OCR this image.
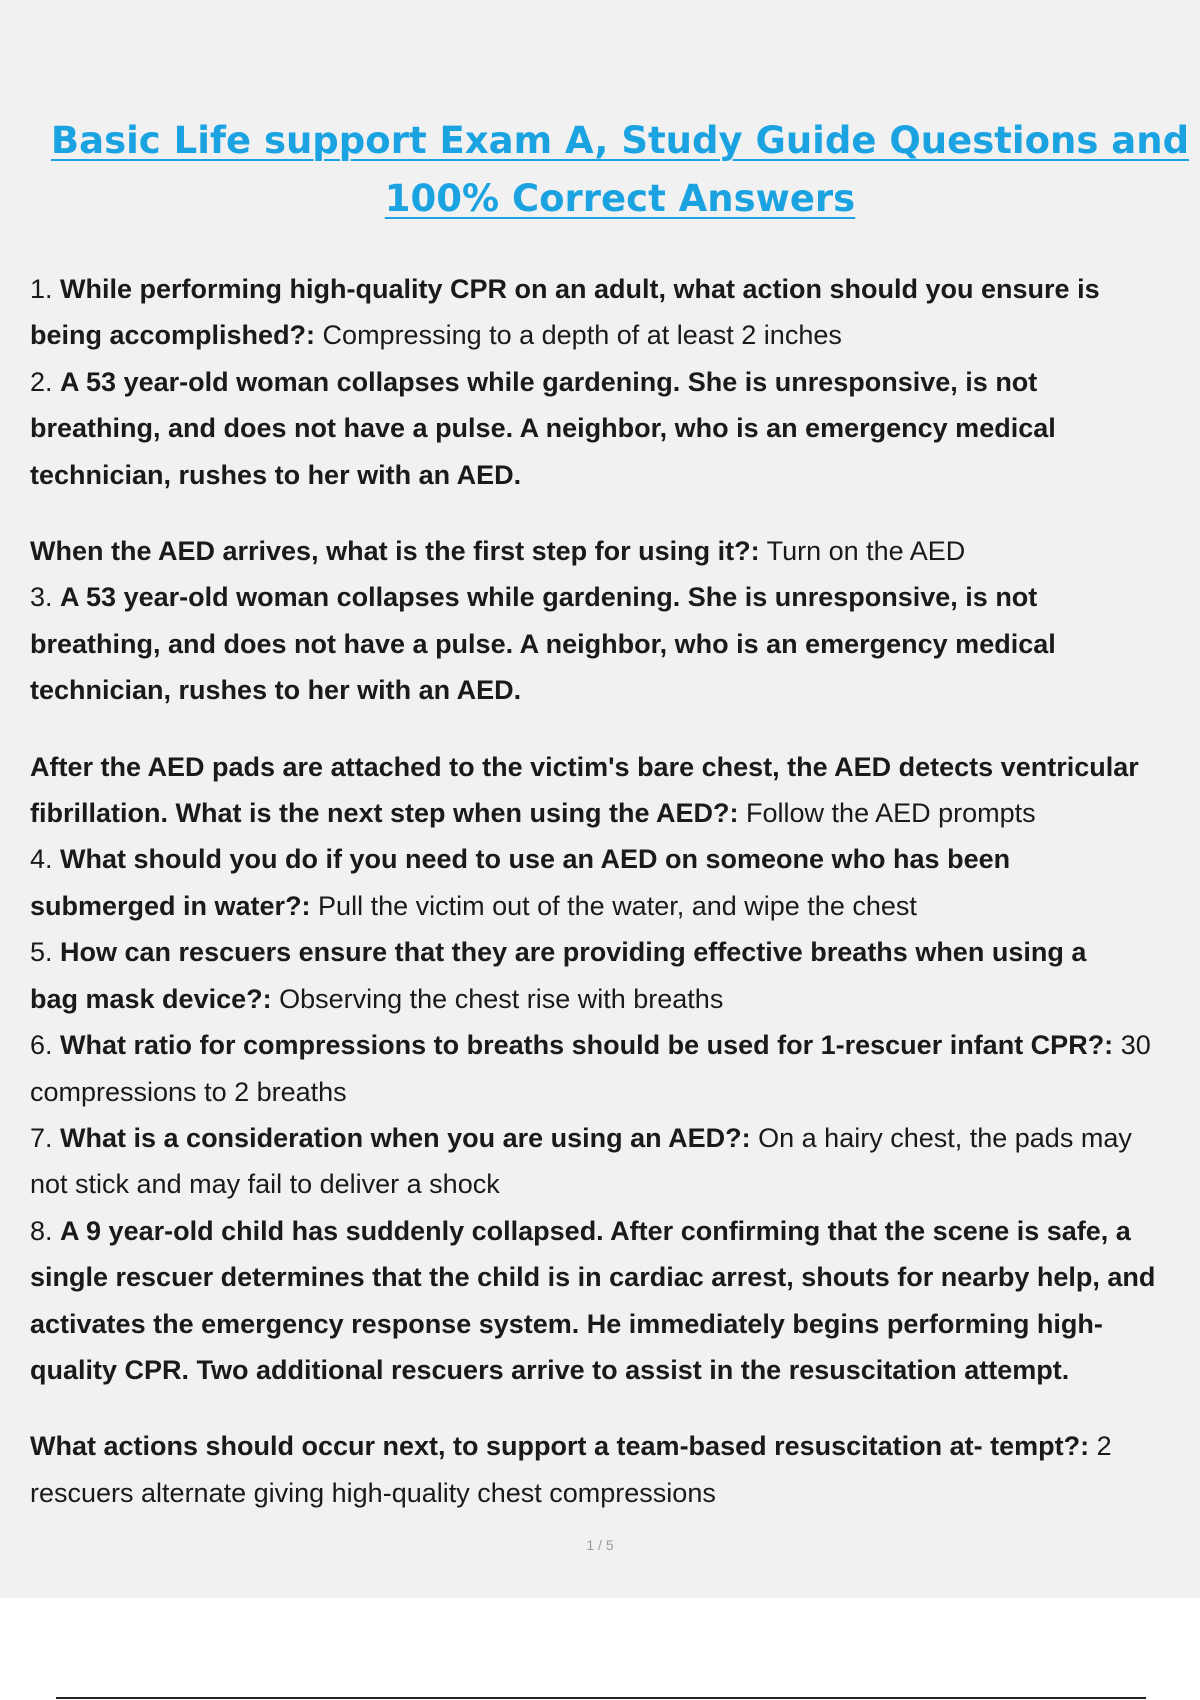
Basic Life support Exam A, Study Guide Questions and
100% Correct Answers

1. While performing high-quality CPR on an adult, what action should you ensure is

being accomplished?: Compressing to a depth of at least 2 inches

2. A 53 year-old woman collapses while gardening. She is unresponsive, is not

breathing, and does not have a pulse. A neighbor, who is an emergency medical

technician, rushes to her with an AED.

When the AED arrives, what is the first step for using it?: Turn on the AED

3. A 53 year-old woman collapses while gardening. She is unresponsive, is not

breathing, and does not have a pulse. A neighbor, who is an emergency medical

technician, rushes to her with an AED.

After the AED pads are attached to the victim's bare chest, the AED detects ventricular

fibrillation. What is the next step when using the AED?: Follow the AED prompts

4. What should you do if you need to use an AED on someone who has been

submerged in water?: Pull the victim out of the water, and wipe the chest

5. How can rescuers ensure that they are providing effective breaths when using a

bag mask device?: Observing the chest rise with breaths

6. What ratio for compressions to breaths should be used for 1-rescuer infant CPR?: 30

compressions to 2 breaths

7. What is a consideration when you are using an AED?: On a hairy chest, the pads may

not stick and may fail to deliver a shock

8. A 9 year-old child has suddenly collapsed. After confirming that the scene is safe, a

single rescuer determines that the child is in cardiac arrest, shouts for nearby help, and

activates the emergency response system. He immediately begins performing high-

quality CPR. Two additional rescuers arrive to assist in the resuscitation attempt.

What actions should occur next, to support a team-based resuscitation at- tempt?: 2

rescuers alternate giving high-quality chest compressions

1 / 5
